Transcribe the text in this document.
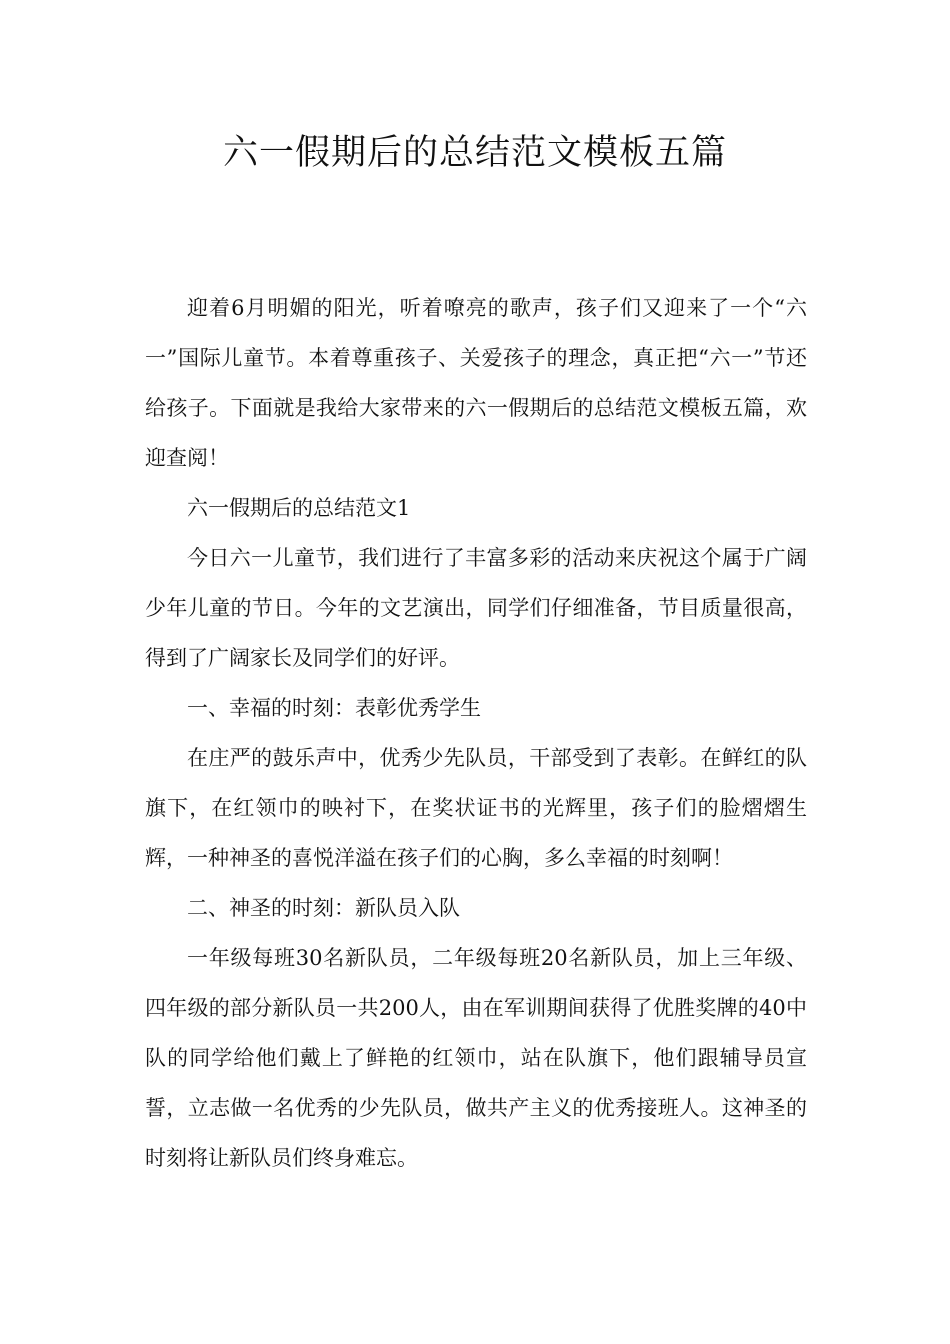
六一假期后的总结范文模板五篇

迎着6月明媚的阳光，听着嘹亮的歌声，孩子们又迎来了一个“六一”国际儿童节。本着尊重孩子、关爱孩子的理念，真正把“六一”节还给孩子。下面就是我给大家带来的六一假期后的总结范文模板五篇，欢迎查阅！

六一假期后的总结范文1

今日六一儿童节，我们进行了丰富多彩的活动来庆祝这个属于广阔少年儿童的节日。今年的文艺演出，同学们仔细准备，节目质量很高，得到了广阔家长及同学们的好评。

一、幸福的时刻：表彰优秀学生

在庄严的鼓乐声中，优秀少先队员，干部受到了表彰。在鲜红的队旗下，在红领巾的映衬下，在奖状证书的光辉里，孩子们的脸熠熠生辉，一种神圣的喜悦洋溢在孩子们的心胸，多么幸福的时刻啊！

二、神圣的时刻：新队员入队

一年级每班30名新队员，二年级每班20名新队员，加上三年级、四年级的部分新队员一共200人，由在军训期间获得了优胜奖牌的40中队的同学给他们戴上了鲜艳的红领巾，站在队旗下，他们跟辅导员宣誓，立志做一名优秀的少先队员，做共产主义的优秀接班人。这神圣的时刻将让新队员们终身难忘。
